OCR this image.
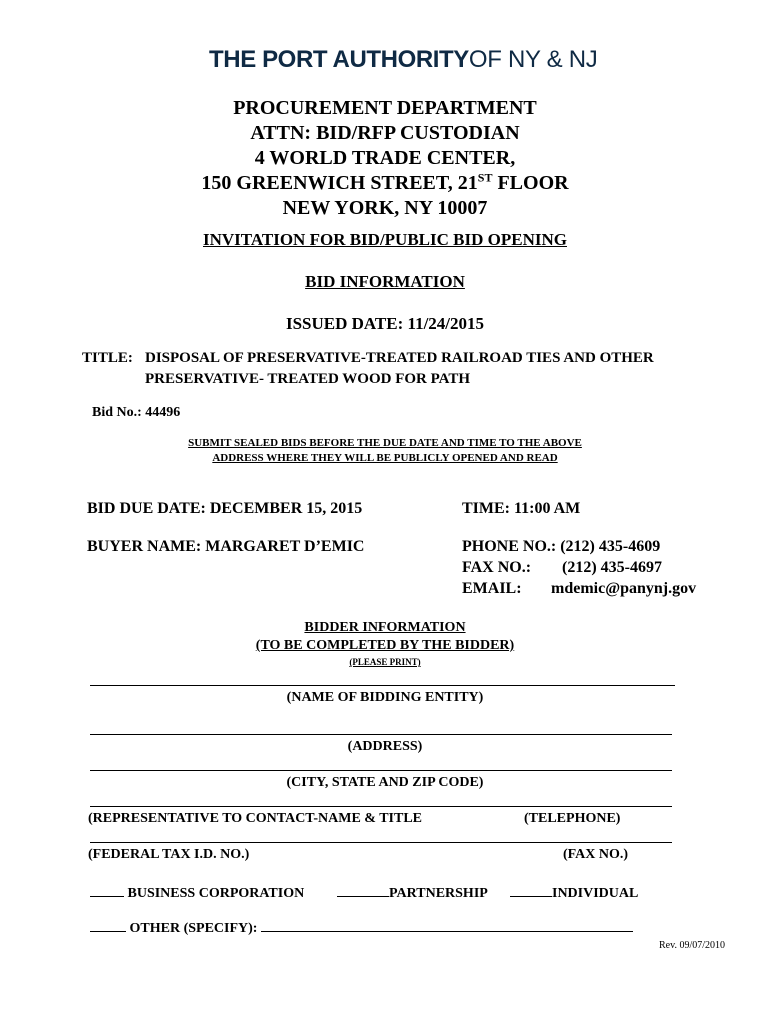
THE PORT AUTHORITYOF NY & NJ
PROCUREMENT DEPARTMENT
ATTN: BID/RFP CUSTODIAN
4 WORLD TRADE CENTER,
150 GREENWICH STREET, 21ST FLOOR
NEW YORK, NY 10007
INVITATION FOR BID/PUBLIC BID OPENING
BID INFORMATION
ISSUED DATE: 11/24/2015
TITLE: DISPOSAL OF PRESERVATIVE-TREATED RAILROAD TIES AND OTHER
PRESERVATIVE- TREATED WOOD FOR PATH
Bid No.: 44496
SUBMIT SEALED BIDS BEFORE THE DUE DATE AND TIME TO THE ABOVE
ADDRESS WHERE THEY WILL BE PUBLICLY OPENED AND READ
BID DUE DATE: DECEMBER 15, 2015	TIME: 11:00 AM
BUYER NAME: MARGARET D’EMIC	PHONE NO.: (212) 435-4609
FAX NO.: (212) 435-4697
EMAIL: mdemic@panynj.gov
BIDDER INFORMATION
(TO BE COMPLETED BY THE BIDDER)
(PLEASE PRINT)
(NAME OF BIDDING ENTITY)
(ADDRESS)
(CITY, STATE AND ZIP CODE)
(REPRESENTATIVE TO CONTACT-NAME & TITLE	(TELEPHONE)
(FEDERAL TAX I.D. NO.)	(FAX NO.)
BUSINESS CORPORATION	PARTNERSHIP	INDIVIDUAL
OTHER (SPECIFY):
Rev. 09/07/2010
